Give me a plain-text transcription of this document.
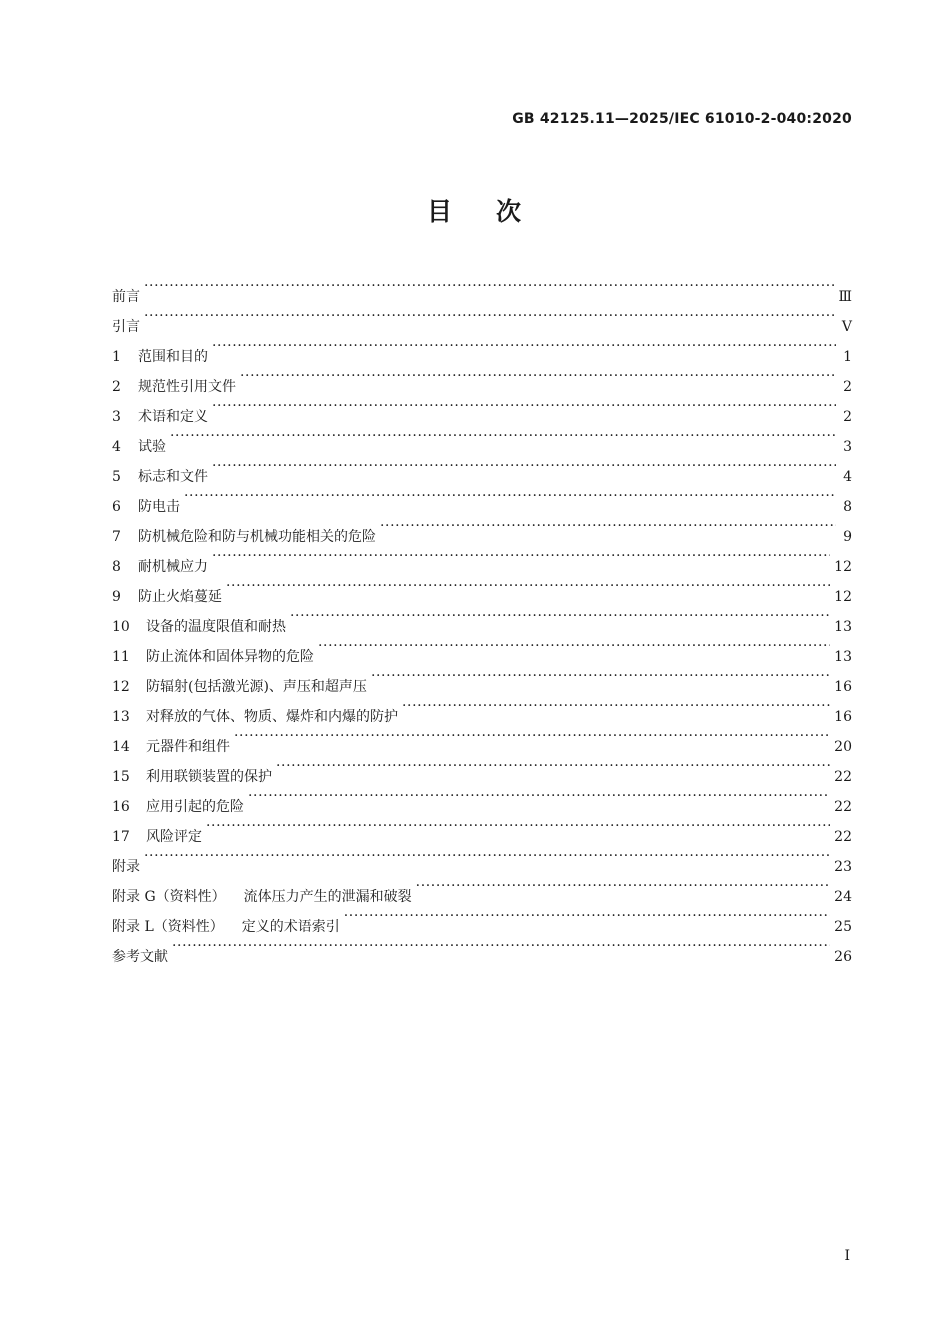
GB 42125.11—2025/IEC 61010-2-040:2020
目 次
前言 ·····	Ⅲ
引言 ·····	Ⅴ
1	范围和目的 ·····	1
2	规范性引用文件 ·····	2
3	术语和定义 ·····	2
4	试验 ·····	3
5	标志和文件 ·····	4
6	防电击 ·····	8
7	防机械危险和防与机械功能相关的危险 ·····	9
8	耐机械应力 ·····	12
9	防止火焰蔓延 ·····	12
10	设备的温度限值和耐热 ·····	13
11	防止流体和固体异物的危险 ·····	13
12	防辐射(包括激光源)、声压和超声压 ·····	16
13	对释放的气体、物质、爆炸和内爆的防护 ·····	16
14	元器件和组件 ·····	20
15	利用联锁装置的保护 ·····	22
16	应用引起的危险 ·····	22
17	风险评定 ·····	22
附录 ·····	23
附录 G（资料性） 流体压力产生的泄漏和破裂 ·····	24
附录 L（资料性） 定义的术语索引 ·····	25
参考文献 ·····	26
Ⅰ
